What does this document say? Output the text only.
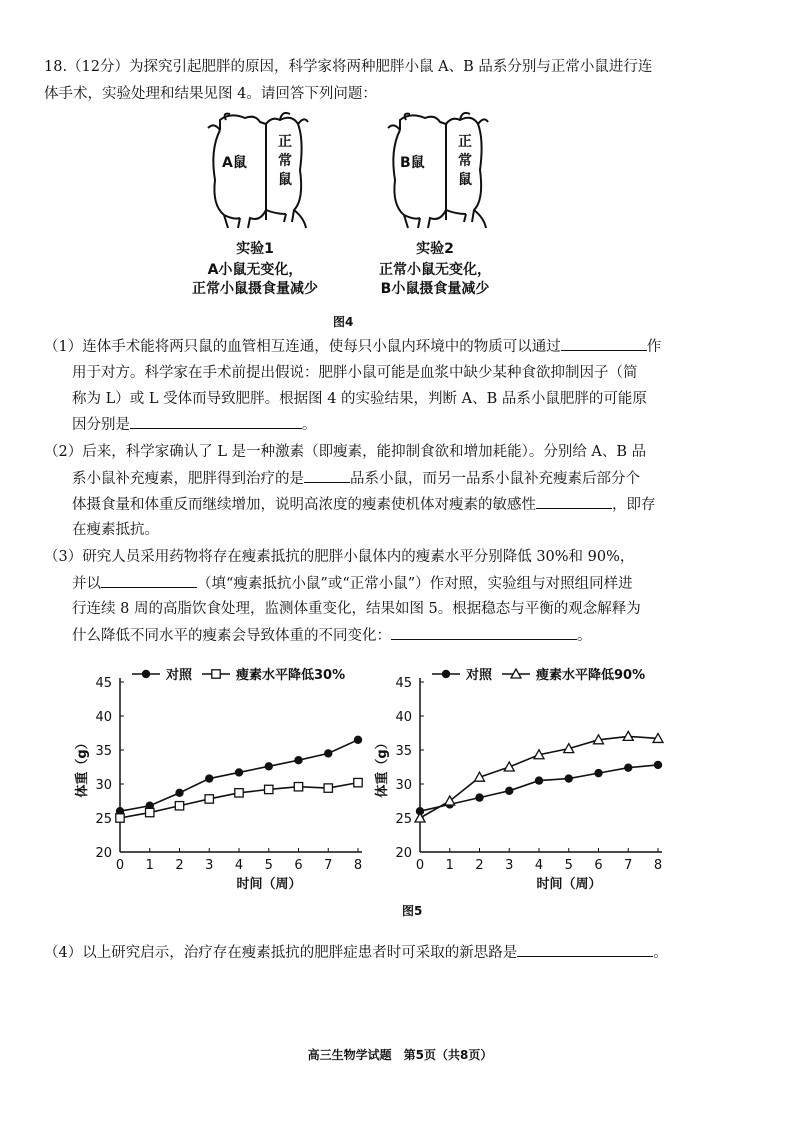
18.（12分）为探究引起肥胖的原因，科学家将两种肥胖小鼠 A、B 品系分别与正常小鼠进行连
体手术，实验处理和结果见图 4。请回答下列问题：
A鼠
正
常
鼠
B鼠
正
常
鼠
实验1
A小鼠无变化，
正常小鼠摄食量减少
实验2
正常小鼠无变化，
B小鼠摄食量减少
图4
（1）连体手术能将两只鼠的血管相互连通，使每只小鼠内环境中的物质可以通过	作
用于对方。科学家在手术前提出假说：肥胖小鼠可能是血浆中缺少某种食欲抑制因子（简
称为 L）或 L 受体而导致肥胖。根据图 4 的实验结果，判断 A、B 品系小鼠肥胖的可能原
因分别是	。
（2）后来，科学家确认了 L 是一种激素（即瘦素，能抑制食欲和增加耗能）。分别给 A、B 品
系小鼠补充瘦素，肥胖得到治疗的是	品系小鼠，而另一品系小鼠补充瘦素后部分个
体摄食量和体重反而继续增加，说明高浓度的瘦素使机体对瘦素的敏感性	，即存
在瘦素抵抗。
（3）研究人员采用药物将存在瘦素抵抗的肥胖小鼠体内的瘦素水平分别降低 30%和 90%，
并以	（填“瘦素抵抗小鼠”或“正常小鼠”）作对照，实验组与对照组同样进
行连续 8 周的高脂饮食处理，监测体重变化，结果如图 5。根据稳态与平衡的观念解释为
什么降低不同水平的瘦素会导致体重的不同变化：	。
20
25
30
35
40
45
0 1 2 3 4 5 6 7 8
时间（周）
体重（g）
对照	瘦素水平降低30%
20
25
30
35
40
45
0 1 2 3 4 5 6 7 8
时间（周）
体重（g）
对照	瘦素水平降低90%
图5
（4）以上研究启示，治疗存在瘦素抵抗的肥胖症患者时可采取的新思路是	。
高三生物学试题　第5页（共8页）
